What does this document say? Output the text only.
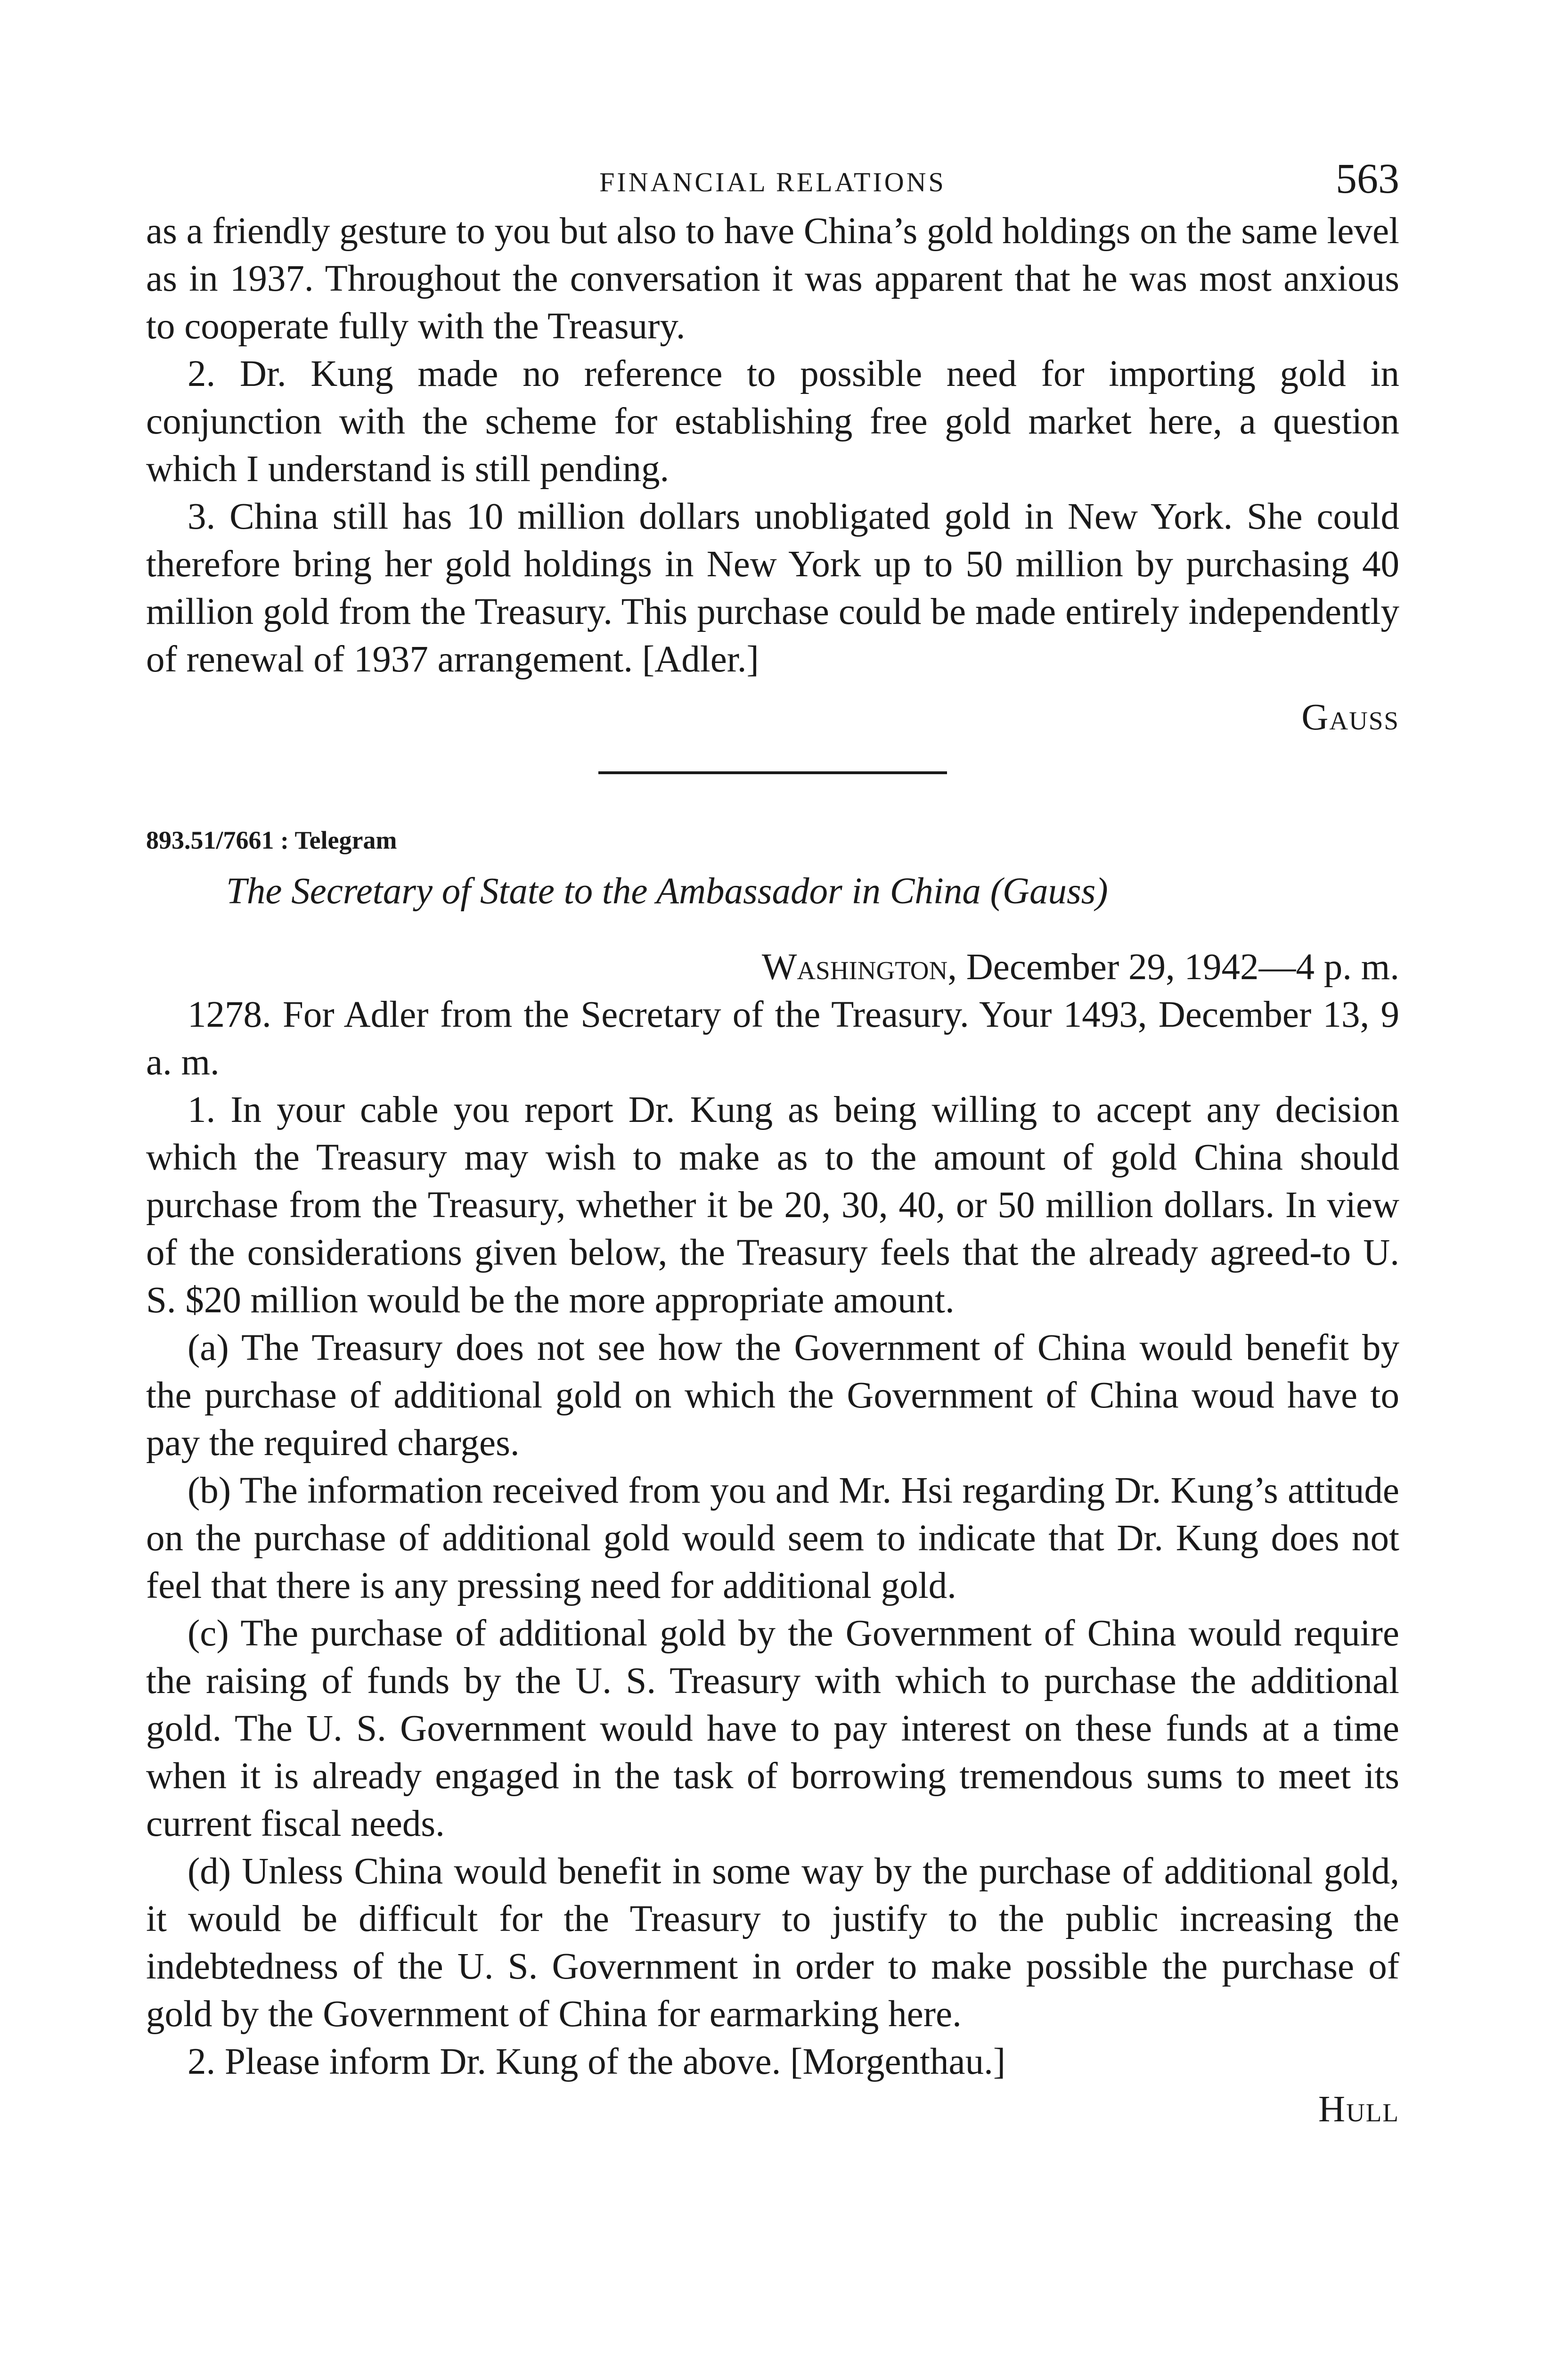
FINANCIAL RELATIONS	563

as a friendly gesture to you but also to have China’s gold holdings on the same level as in 1937. Throughout the conversation it was apparent that he was most anxious to cooperate fully with the Treasury.

2. Dr. Kung made no reference to possible need for importing gold in conjunction with the scheme for establishing free gold market here, a question which I understand is still pending.

3. China still has 10 million dollars unobligated gold in New York. She could therefore bring her gold holdings in New York up to 50 million by purchasing 40 million gold from the Treasury. This purchase could be made entirely independently of renewal of 1937 arrangement. [Adler.]

Gauss
893.51/7661 : Telegram
The Secretary of State to the Ambassador in China (Gauss)
Washington, December 29, 1942—4 p. m.

1278. For Adler from the Secretary of the Treasury. Your 1493, December 13, 9 a. m.

1. In your cable you report Dr. Kung as being willing to accept any decision which the Treasury may wish to make as to the amount of gold China should purchase from the Treasury, whether it be 20, 30, 40, or 50 million dollars. In view of the considerations given below, the Treasury feels that the already agreed-to U. S. $20 million would be the more appropriate amount.

(a) The Treasury does not see how the Government of China would benefit by the purchase of additional gold on which the Government of China woud have to pay the required charges.

(b) The information received from you and Mr. Hsi regarding Dr. Kung’s attitude on the purchase of additional gold would seem to indicate that Dr. Kung does not feel that there is any pressing need for additional gold.

(c) The purchase of additional gold by the Government of China would require the raising of funds by the U. S. Treasury with which to purchase the additional gold. The U. S. Government would have to pay interest on these funds at a time when it is already engaged in the task of borrowing tremendous sums to meet its current fiscal needs.

(d) Unless China would benefit in some way by the purchase of additional gold, it would be difficult for the Treasury to justify to the public increasing the indebtedness of the U. S. Government in order to make possible the purchase of gold by the Government of China for earmarking here.

2. Please inform Dr. Kung of the above. [Morgenthau.]

Hull
